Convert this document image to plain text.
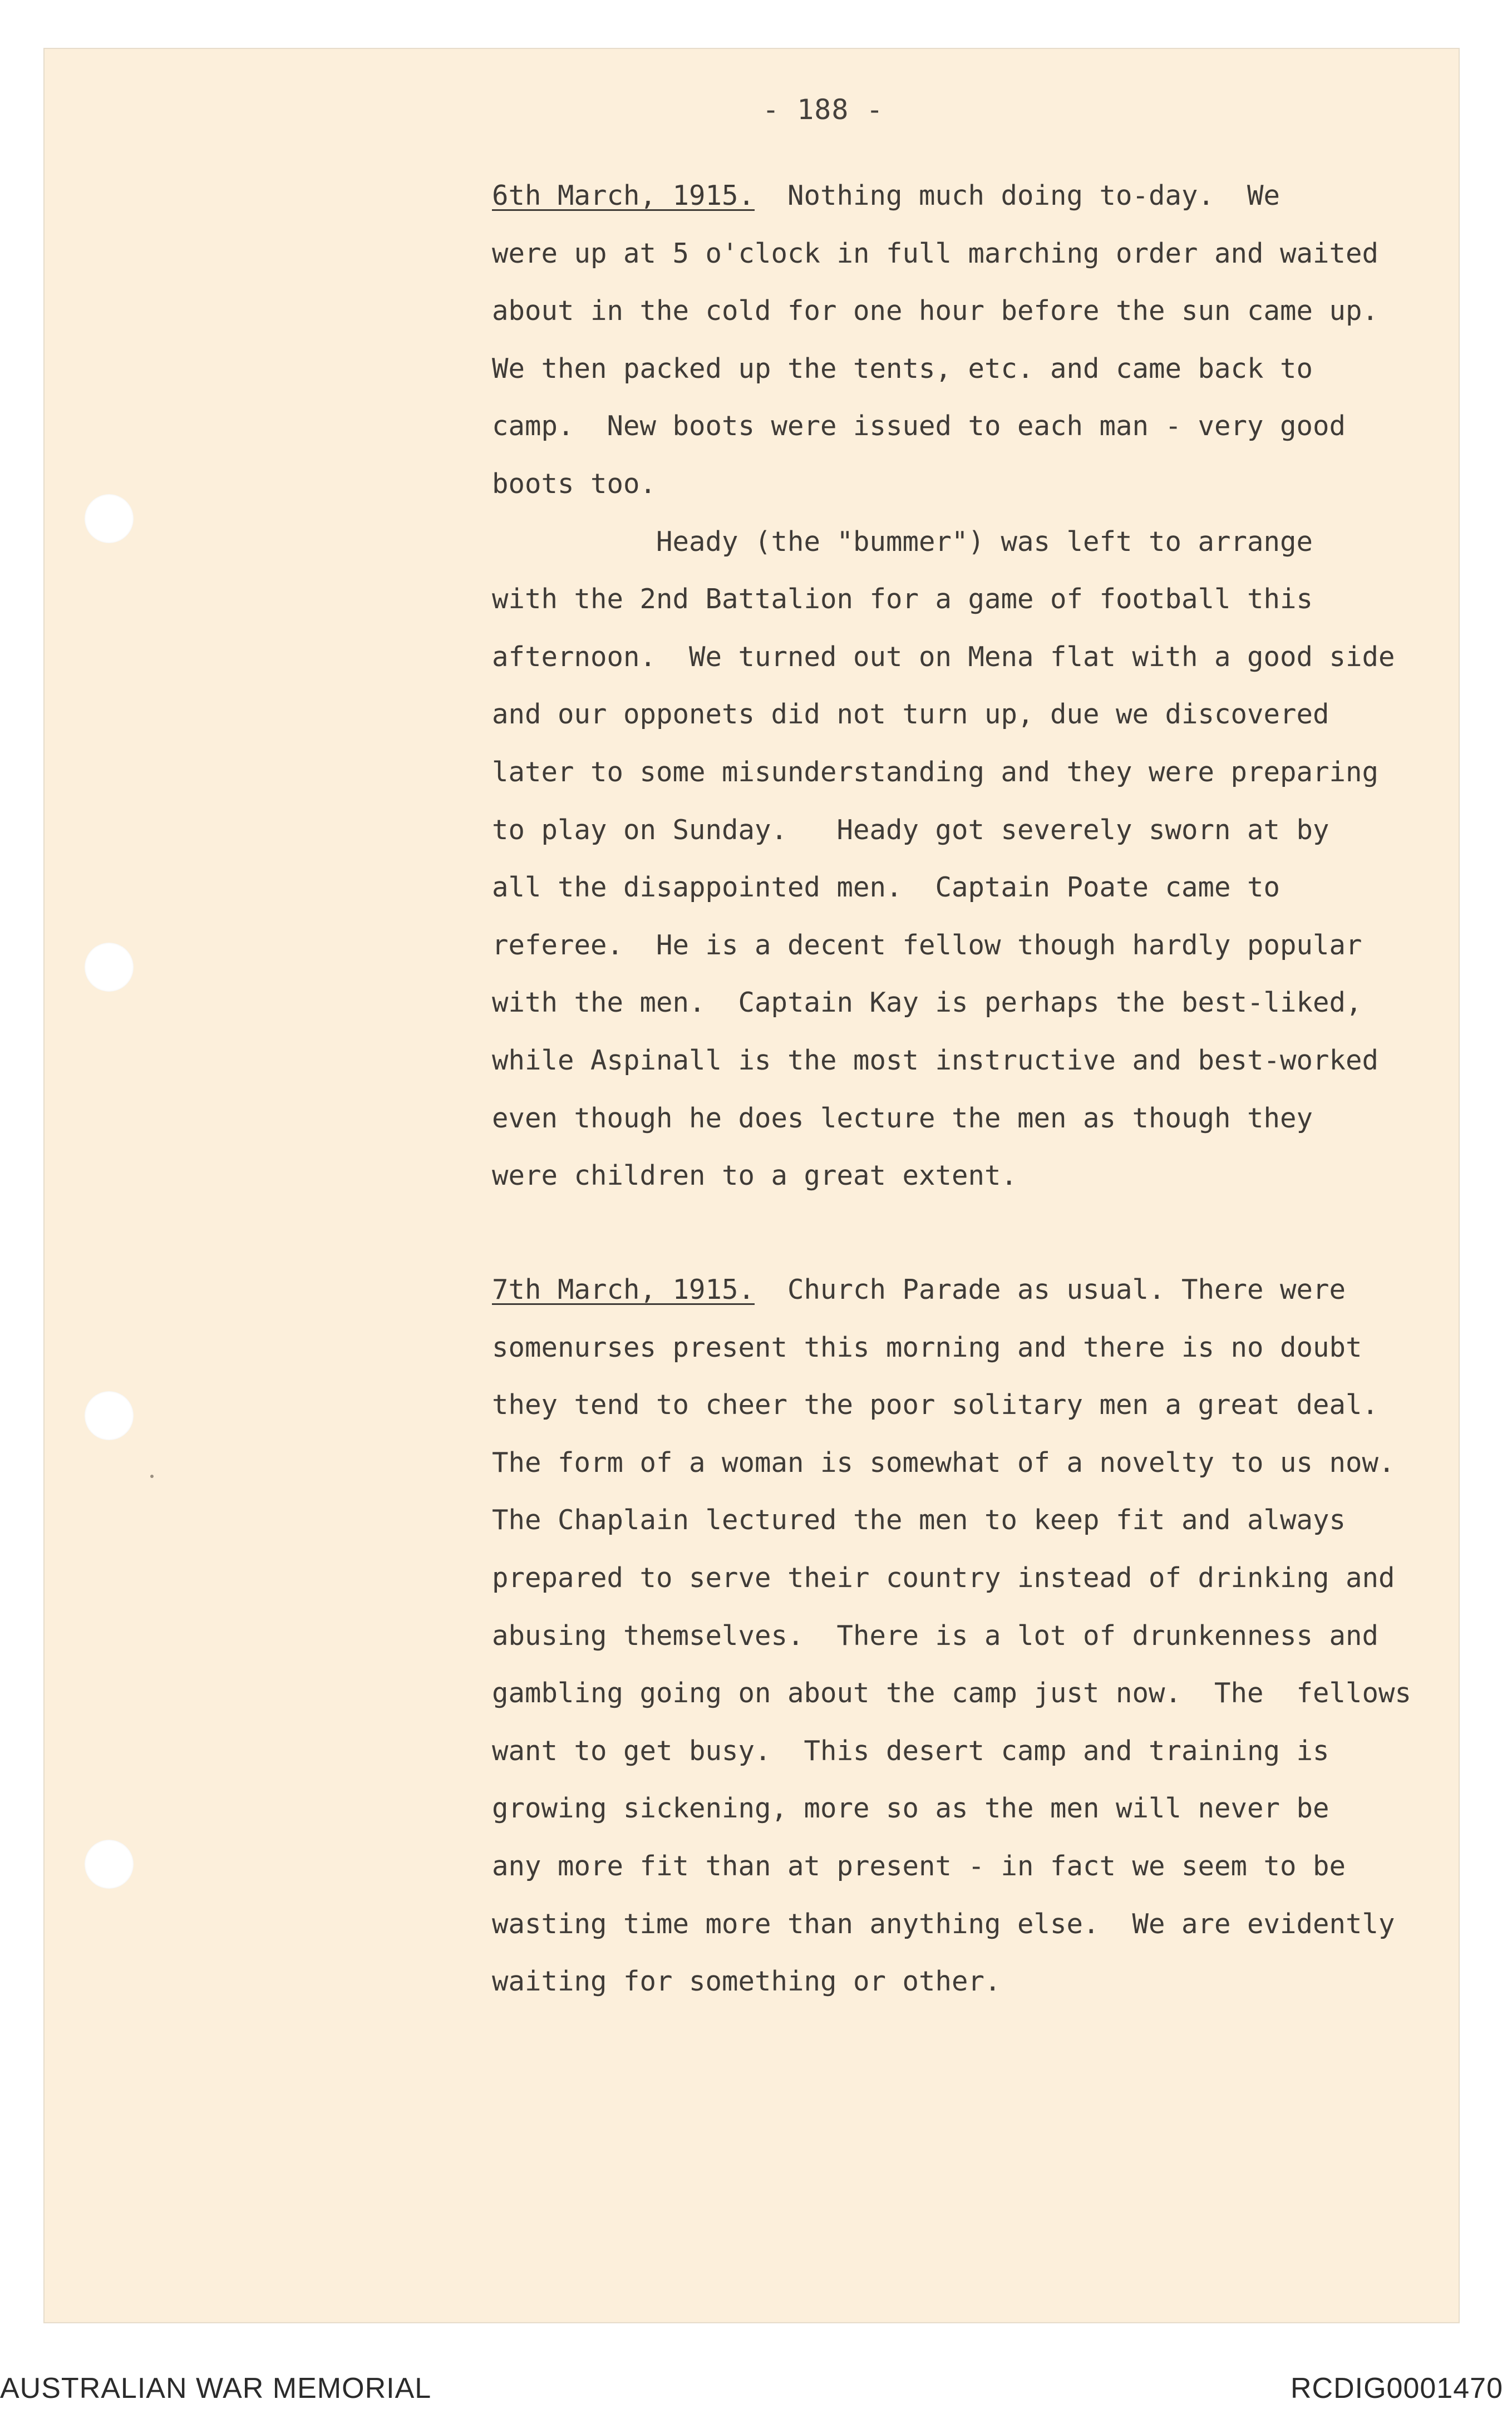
- 188 -
6th March, 1915.  Nothing much doing to-day.  We
were up at 5 o'clock in full marching order and waited
about in the cold for one hour before the sun came up.
We then packed up the tents, etc. and came back to
camp.  New boots were issued to each man - very good
boots too.
Heady (the "bummer") was left to arrange
with the 2nd Battalion for a game of football this
afternoon.  We turned out on Mena flat with a good side
and our opponets did not turn up, due we discovered
later to some misunderstanding and they were preparing
to play on Sunday.   Heady got severely sworn at by
all the disappointed men.  Captain Poate came to
referee.  He is a decent fellow though hardly popular
with the men.  Captain Kay is perhaps the best-liked,
while Aspinall is the most instructive and best-worked
even though he does lecture the men as though they
were children to a great extent.
7th March, 1915.  Church Parade as usual. There were
somenurses present this morning and there is no doubt
they tend to cheer the poor solitary men a great deal.
The form of a woman is somewhat of a novelty to us now.
The Chaplain lectured the men to keep fit and always
prepared to serve their country instead of drinking and
abusing themselves.  There is a lot of drunkenness and
gambling going on about the camp just now.  The  fellows
want to get busy.  This desert camp and training is
growing sickening, more so as the men will never be
any more fit than at present - in fact we seem to be
wasting time more than anything else.  We are evidently
waiting for something or other.
AUSTRALIAN WAR MEMORIAL	RCDIG0001470
